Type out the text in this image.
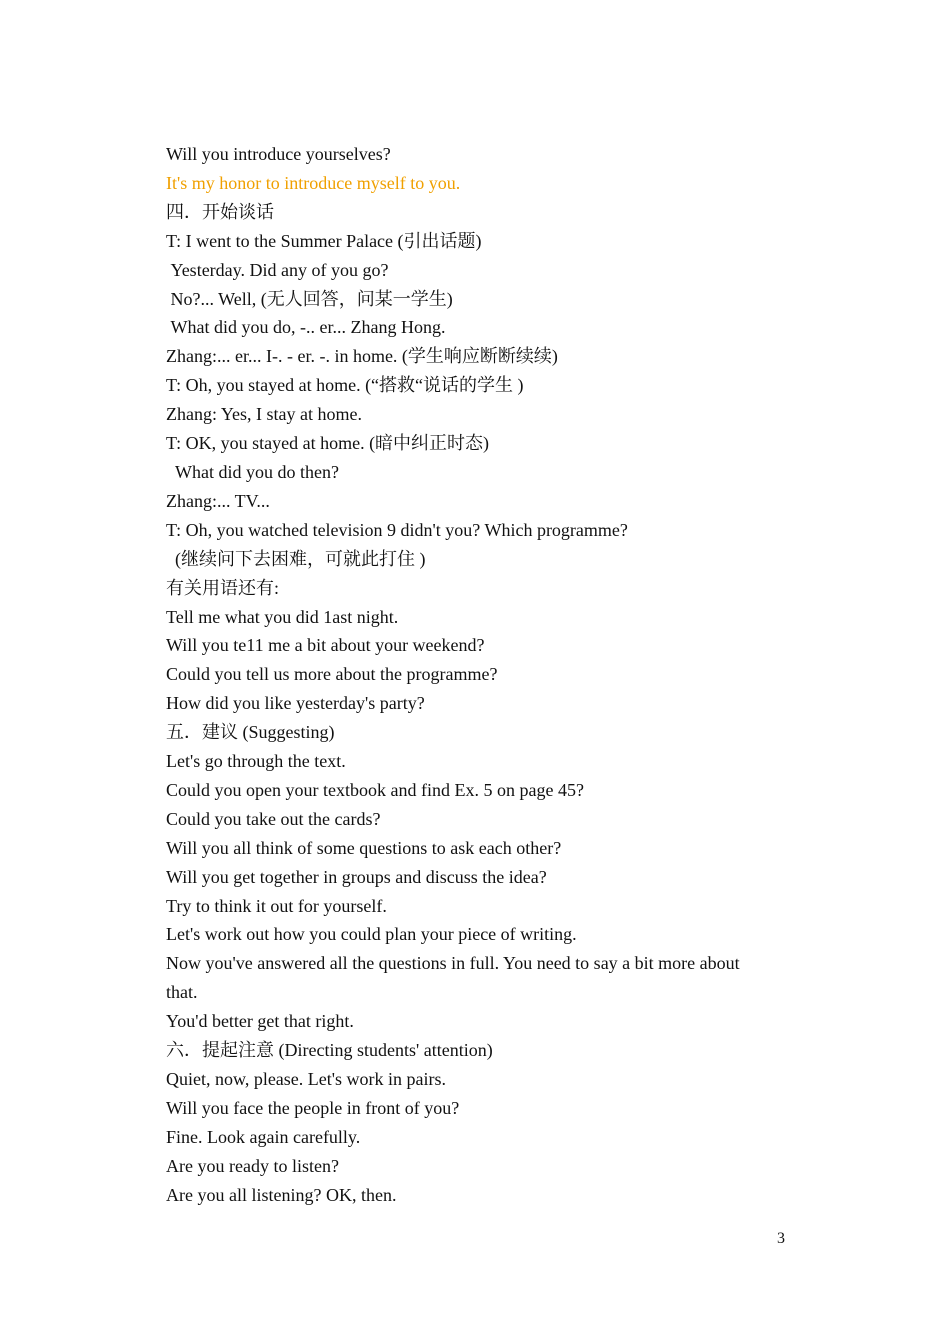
Will you introduce yourselves?
It's my honor to introduce myself to you.
四．开始谈话
T: I went to the Summer Palace (引出话题)
Yesterday. Did any of you go?
No?... Well, (无人回答，问某一学生)
What did you do, -.. er... Zhang Hong.
Zhang:... er... I-. - er. -. in home. (学生响应断断续续)
T: Oh, you stayed at home. (“搭救“说话的学生 )
Zhang: Yes, I stay at home.
T: OK, you stayed at home. (暗中纠正时态)
What did you do then?
Zhang:... TV...
T: Oh, you watched television 9 didn't you? Which programme?
(继续问下去困难，可就此打住 )
有关用语还有:
Tell me what you did 1ast night.
Will you te11 me a bit about your weekend?
Could you tell us more about the programme?
How did you like yesterday's party?
五．建议 (Suggesting)
Let's go through the text.
Could you open your textbook and find Ex. 5 on page 45?
Could you take out the cards?
Will you all think of some questions to ask each other?
Will you get together in groups and discuss the idea?
Try to think it out for yourself.
Let's work out how you could plan your piece of writing.
Now you've answered all the questions in full. You need to say a bit more about
that.
You'd better get that right.
六．提起注意 (Directing students' attention)
Quiet, now, please. Let's work in pairs.
Will you face the people in front of you?
Fine. Look again carefully.
Are you ready to listen?
Are you all listening? OK, then.
3
